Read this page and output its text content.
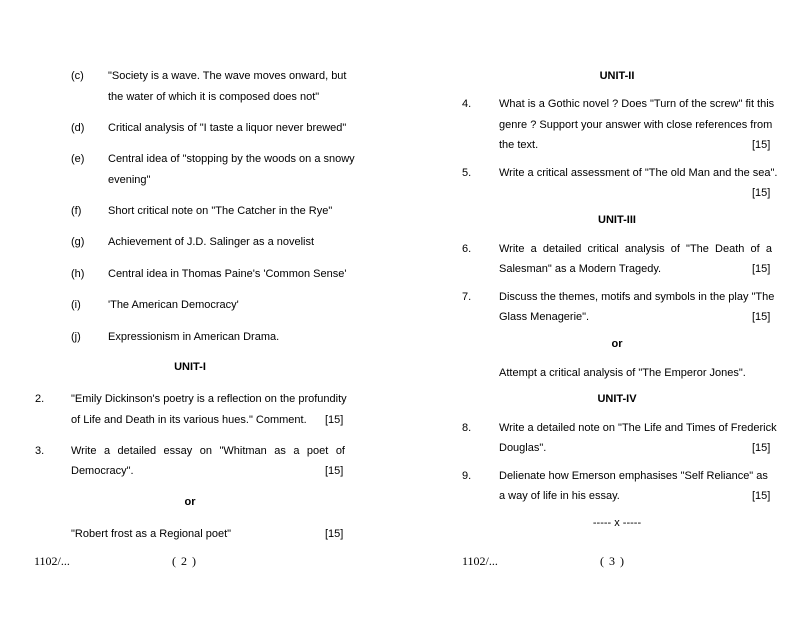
(c) "Society is a wave. The wave moves onward, but
the water of which it is composed does not"
(d) Critical analysis of "I taste a liquor never brewed"
(e) Central idea of "stopping by the woods on a snowy
evening"
(f) Short critical note on "The Catcher in the Rye"
(g) Achievement of J.D. Salinger as a novelist
(h) Central idea in Thomas Paine's 'Common Sense'
(i) 'The American Democracy'
(j) Expressionism in American Drama.
UNIT-I
2. "Emily Dickinson's poetry is a reflection on the profundity
of Life and Death in its various hues." Comment. [15]
3. Write a detailed essay on "Whitman as a poet of
Democracy".	[15]
or
"Robert frost as a Regional poet"	[15]
1102/...	( 2 )
UNIT-II
4.	What is a Gothic novel ? Does "Turn of the screw" fit this
genre ? Support your answer with close references from
the text.	[15]
5.	Write a critical assessment of "The old Man and the sea".
[15]
UNIT-III
6.	Write a detailed critical analysis of "The Death of a
Salesman" as a Modern Tragedy.	[15]
7.	Discuss the themes, motifs and symbols in the play "The
Glass Menagerie".	[15]
or
Attempt a critical analysis of "The Emperor Jones".
UNIT-IV
8.	Write a detailed note on "The Life and Times of Frederick
Douglas".	[15]
9.	Delienate how Emerson emphasises "Self Reliance" as
a way of life in his essay.	[15]
----- x -----
1102/...	( 3 )
